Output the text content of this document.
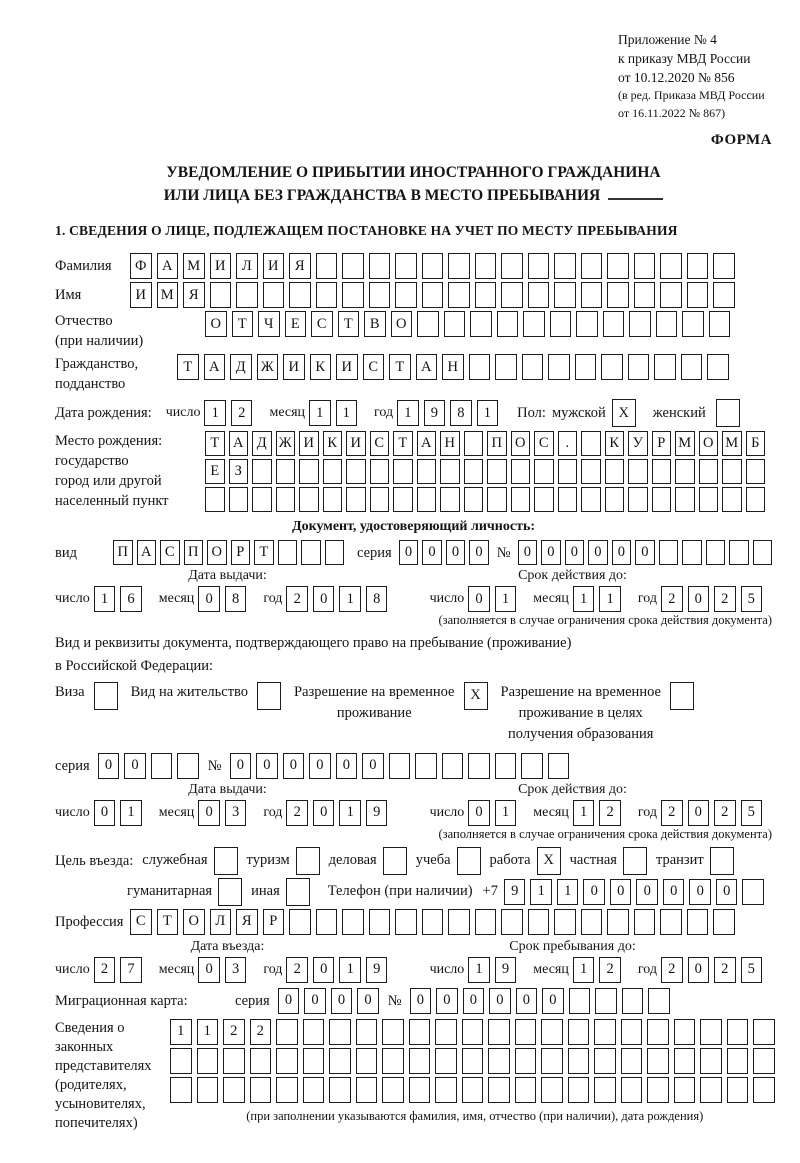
Приложение № 4
к приказу МВД России
от 10.12.2020 № 856
(в ред. Приказа МВД России
от 16.11.2022 № 867)
ФОРМА
УВЕДОМЛЕНИЕ О ПРИБЫТИИ ИНОСТРАННОГО ГРАЖДАНИНА
ИЛИ ЛИЦА БЕЗ ГРАЖДАНСТВА В МЕСТО ПРЕБЫВАНИЯ
1. СВЕДЕНИЯ О ЛИЦЕ, ПОДЛЕЖАЩЕМ ПОСТАНОВКЕ НА УЧЕТ ПО МЕСТУ ПРЕБЫВАНИЯ
Фамилия	Ф	А	М	И	Л	И	Я
Имя	И	М	Я
Отчество
(при наличии)
О	Т	Ч	Е	С	Т	В	О
Гражданство,
подданство
Т	А	Д	Ж	И	К	И	С	Т	А	Н
Дата рождения: число 1	2	месяц 1	1	год 1	9	8	1	Пол: мужской X	женский
Место рождения:
государство
город или другой
населенный пункт
Т А Д Ж И К И С Т А Н	П О С	.	К У Р М О М Б
Е	З
Документ, удостоверяющий личность:
вид	П А С П О Р	Т	серия 0	0	0	0 № 0	0	0	0	0	0
Дата выдачи:	Срок действия до:
число 1	6	месяц 0	8	год 2	0	1	8	число 0	1	месяц 1	1	год 2	0	2	5
(заполняется в случае ограничения срока действия документа)
Вид и реквизиты документа, подтверждающего право на пребывание (проживание)
в Российской Федерации:
Виза	Вид на жительство	Разрешение на временное
проживание
X	Разрешение на временное
проживание в целях
получения образования
серия	0	0	№	0	0	0	0	0	0
Дата выдачи:	Срок действия до:
число 0	1	месяц 0	3	год 2	0	1	9	число 0	1	месяц 1	2	год 2	0	2	5
(заполняется в случае ограничения срока действия документа)
Цель въезда: служебная	туризм	деловая	учеба	работа X	частная	транзит
гуманитарная	иная	Телефон (при наличии) +7 9	1	1	0	0	0	0	0	0
Профессия С	Т	О	Л	Я	Р
Дата въезда:	Срок пребывания до:
число 2	7	месяц 0	3	год 2	0	1	9	число 1	9	месяц 1	2	год 2	0	2	5
Миграционная карта:	серия	0	0	0	0	№	0	0	0	0	0	0
Сведения о
законных
представителях
(родителях,
усыновителях,
попечителях)
1	1	2	2
(при заполнении указываются фамилия, имя, отчество (при наличии), дата рождения)
